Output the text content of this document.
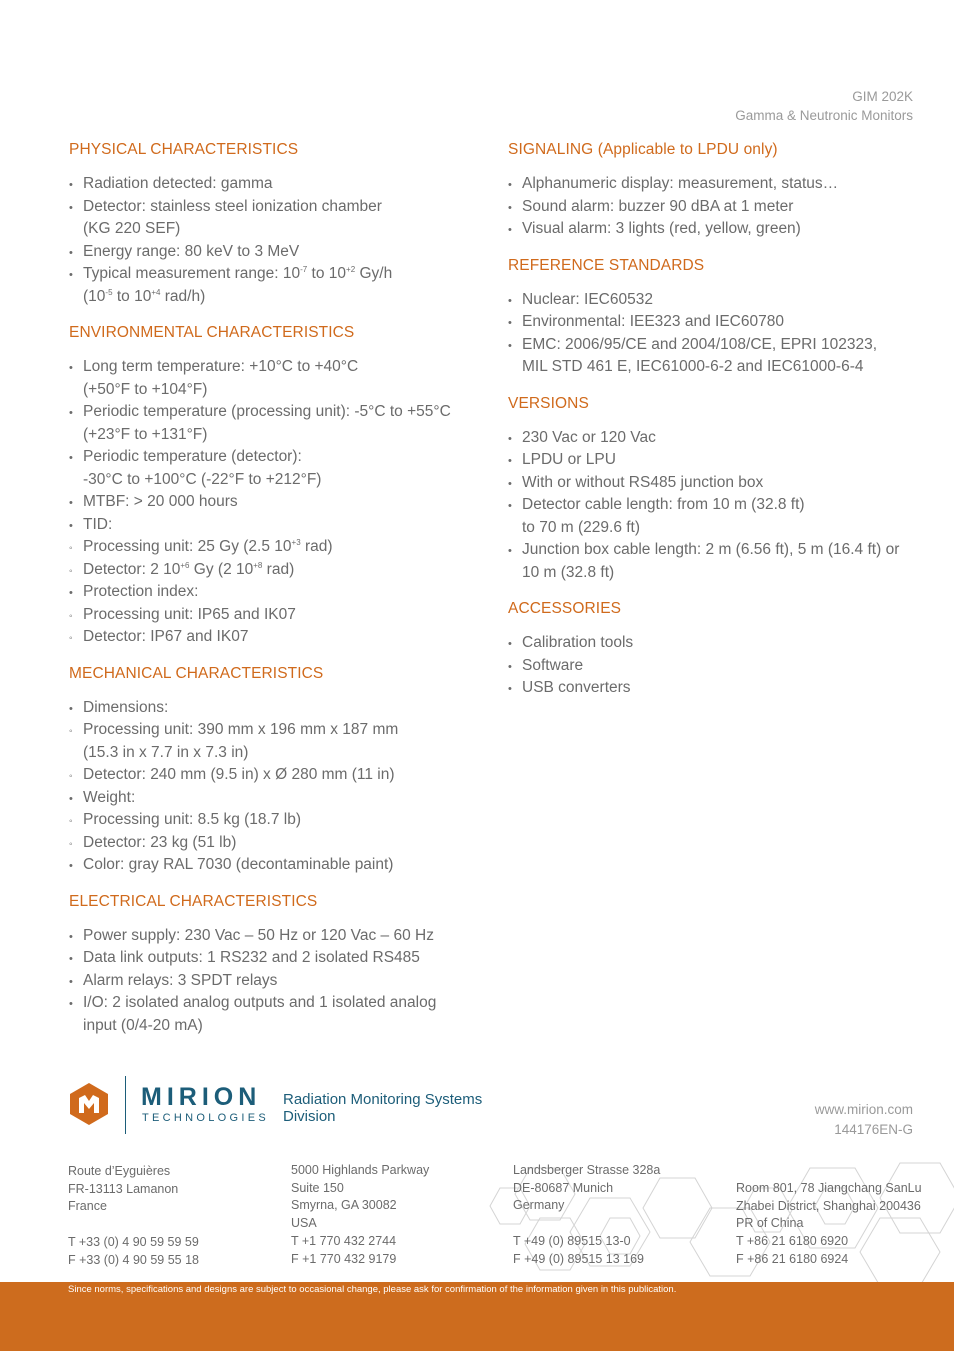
GIM 202K
Gamma & Neutronic Monitors
PHYSICAL CHARACTERISTICS
• Radiation detected: gamma
• Detector: stainless steel ionization chamber
(KG 220 SEF)
• Energy range: 80 keV to 3 MeV
• Typical measurement range: $10^{-7}$ to $10^{+2}$ Gy/h
($10^{-5}$ to $10^{+4}$ rad/h)
ENVIRONMENTAL CHARACTERISTICS
• Long term temperature: +10°C to +40°C
(+50°F to +104°F)
• Periodic temperature (processing unit): -5°C to +55°C
(+23°F to +131°F)
• Periodic temperature (detector):
-30°C to +100°C (-22°F to +212°F)
• MTBF: > 20 000 hours
• TID:
◦ Processing unit: 25 Gy (2.5 $10^{+3}$ rad)
◦ Detector: 2 $10^{+6}$ Gy (2 $10^{+8}$ rad)
• Protection index:
◦ Processing unit: IP65 and IK07
◦ Detector: IP67 and IK07
MECHANICAL CHARACTERISTICS
• Dimensions:
◦ Processing unit: 390 mm x 196 mm x 187 mm
(15.3 in x 7.7 in x 7.3 in)
◦ Detector: 240 mm (9.5 in) x Ø 280 mm (11 in)
• Weight:
◦ Processing unit: 8.5 kg (18.7 lb)
◦ Detector: 23 kg (51 lb)
• Color: gray RAL 7030 (decontaminable paint)
ELECTRICAL CHARACTERISTICS
• Power supply: 230 Vac – 50 Hz or 120 Vac – 60 Hz
• Data link outputs: 1 RS232 and 2 isolated RS485
• Alarm relays: 3 SPDT relays
• I/O: 2 isolated analog outputs and 1 isolated analog
input (0/4-20 mA)
SIGNALING (Applicable to LPDU only)
• Alphanumeric display: measurement, status…
• Sound alarm: buzzer 90 dBA at 1 meter
• Visual alarm: 3 lights (red, yellow, green)
REFERENCE STANDARDS
• Nuclear: IEC60532
• Environmental: IEE323 and IEC60780
• EMC: 2006/95/CE and 2004/108/CE, EPRI 102323,
MIL STD 461 E, IEC61000-6-2 and IEC61000-6-4
VERSIONS
• 230 Vac or 120 Vac
• LPDU or LPU
• With or without RS485 junction box
• Detector cable length: from 10 m (32.8 ft)
to 70 m (229.6 ft)
• Junction box cable length: 2 m (6.56 ft), 5 m (16.4 ft) or
10 m (32.8 ft)
ACCESSORIES
• Calibration tools
• Software
• USB converters
MIRION
TECHNOLOGIES
Radiation Monitoring Systems
Division	www.mirion.com
144176EN-G
Route d’Eyguières
FR-13113 Lamanon
France
T +33 (0) 4 90 59 59 59
F +33 (0) 4 90 59 55 18
5000 Highlands Parkway
Suite 150
Smyrna, GA 30082
USA
T +1 770 432 2744
F +1 770 432 9179
Landsberger Strasse 328a
DE-80687 Munich
Germany
T +49 (0) 89515 13-0
F +49 (0) 89515 13 169
Room 801, 78 Jiangchang SanLu
Zhabei District, Shanghai 200436
PR of China
T +86 21 6180 6920
F +86 21 6180 6924
Since norms, specifications and designs are subject to occasional change, please ask for confirmation of the information given in this publication.
